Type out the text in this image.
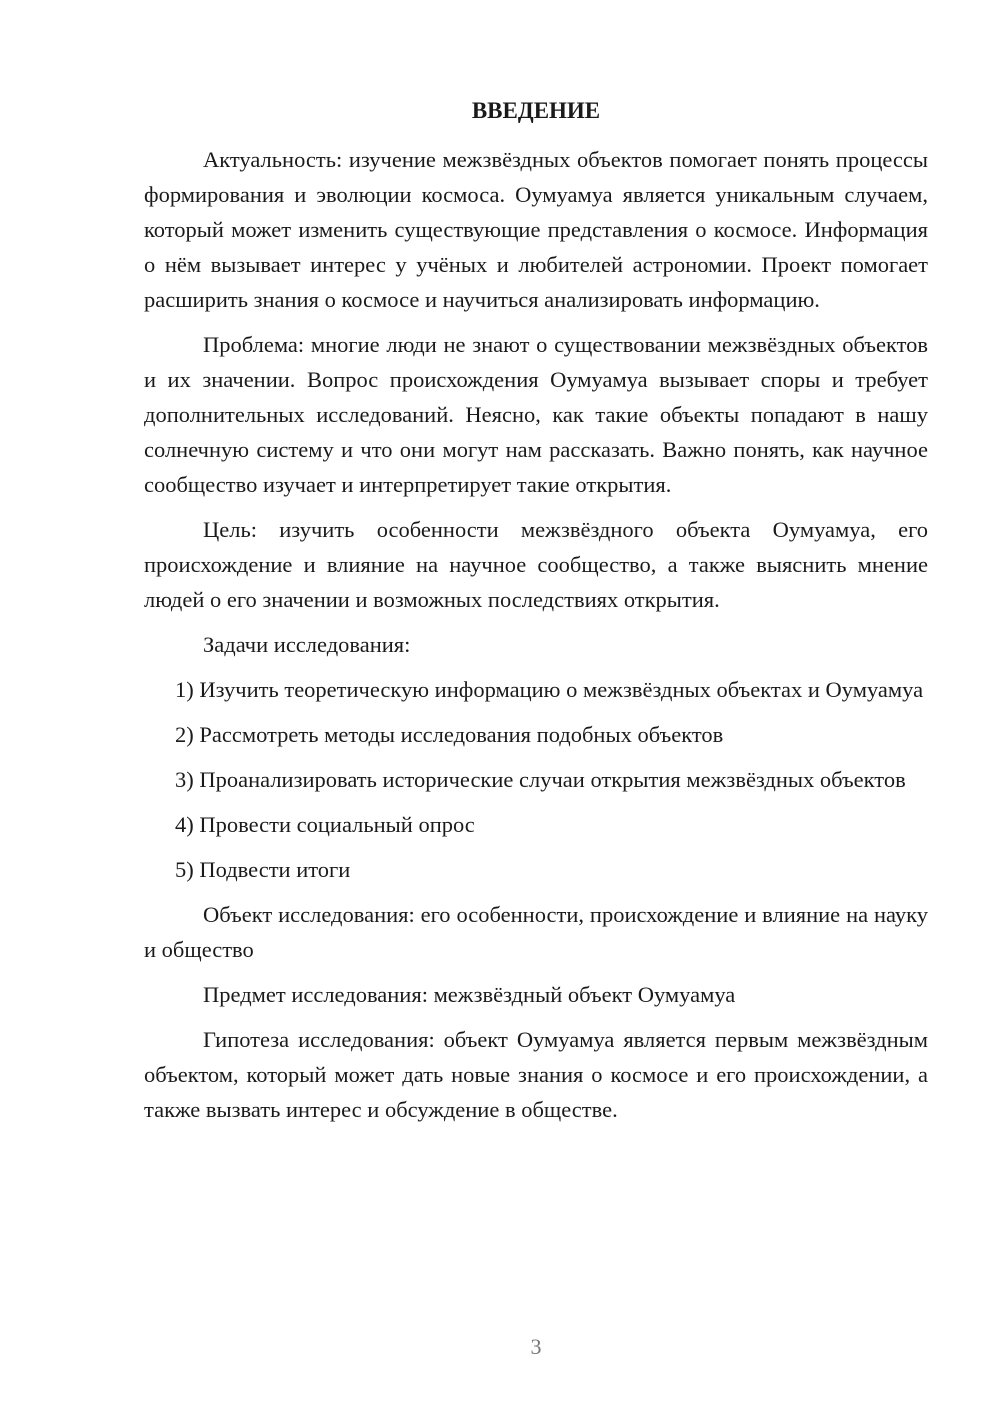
ВВЕДЕНИЕ

Актуальность: изучение межзвёздных объектов помогает понять процессы формирования и эволюции космоса. Оумуамуа является уникальным случаем, который может изменить существующие представления о космосе. Информация о нём вызывает интерес у учёных и любителей астрономии. Проект помогает расширить знания о космосе и научиться анализировать информацию.

Проблема: многие люди не знают о существовании межзвёздных объектов и их значении. Вопрос происхождения Оумуамуа вызывает споры и требует дополнительных исследований. Неясно, как такие объекты попадают в нашу солнечную систему и что они могут нам рассказать. Важно понять, как научное сообщество изучает и интерпретирует такие открытия.

Цель: изучить особенности межзвёздного объекта Оумуамуа, его происхождение и влияние на научное сообщество, а также выяснить мнение людей о его значении и возможных последствиях открытия.

Задачи исследования:

1) Изучить теоретическую информацию о межзвёздных объектах и Оумуамуа

2) Рассмотреть методы исследования подобных объектов

3) Проанализировать исторические случаи открытия межзвёздных объектов

4) Провести социальный опрос

5) Подвести итоги

Объект исследования: его особенности, происхождение и влияние на науку и общество

Предмет исследования: межзвёздный объект Оумуамуа

Гипотеза исследования: объект Оумуамуа является первым межзвёздным объектом, который может дать новые знания о космосе и его происхождении, а также вызвать интерес и обсуждение в обществе.

3
